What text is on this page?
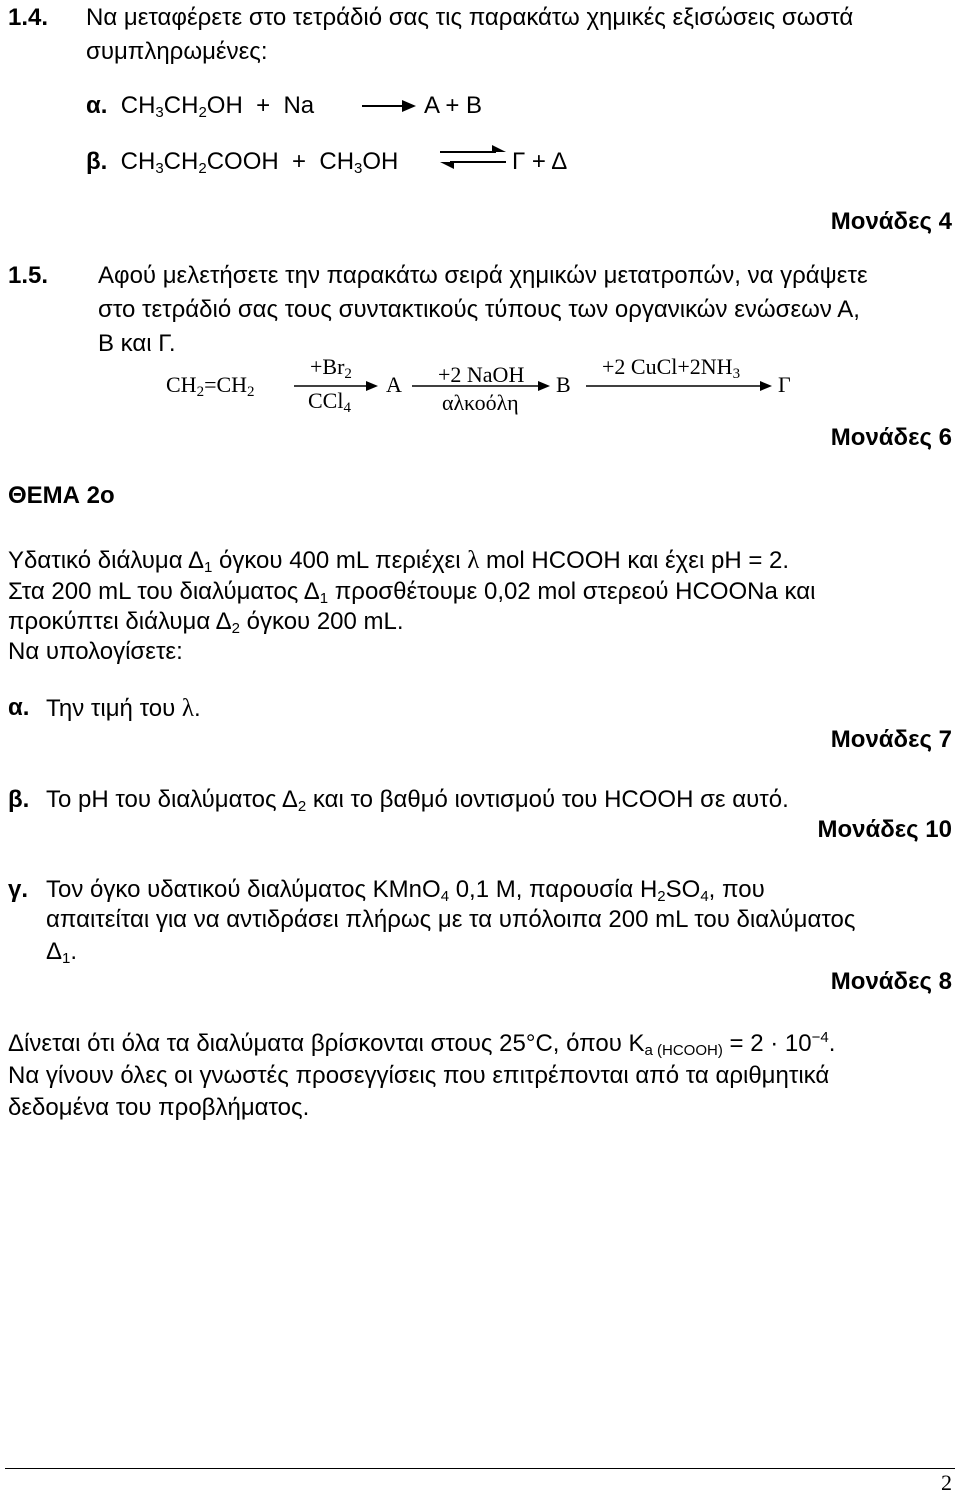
1.4. Να μεταφέρετε στο τετράδιό σας τις παρακάτω χημικές εξισώσεις σωστά
συμπληρωμένες:
α.  $CH_3CH_2OH + Na$	Α + Β
β.  $CH_3CH_2COOH + CH_3OH$ ⇌ Γ + Δ
Μονάδες 4
1.5. Αφού μελετήσετε την παρακάτω σειρά χημικών μετατροπών, να γράψετε
στο τετράδιό σας τους συντακτικούς τύπους των οργανικών ενώσεων Α,
Β και Γ.
$CH_2=CH_2$
$+Br_2$
CCl$_4$
Α +2 NaOH
αλκοόλη
Β
+2 $CuCl+2NH_3$ Γ
Μονάδες 6
ΘΕΜΑ 2ο
Υδατικό διάλυμα $\Delta_1$ όγκου 400 mL περιέχει λ mol HCOOH και έχει pH = 2.
Στα 200 mL του διαλύματος $\Delta_1$ προσθέτουμε 0,02 mol στερεού HCOONa και
προκύπτει διάλυμα $\Delta_2$ όγκου 200 mL.
Να υπολογίσετε:
α. Την τιμή του λ.
Μονάδες 7
β. Το pH του διαλύματος $\Delta_2$ και το βαθμό ιοντισμού του HCOOH σε αυτό.
Μονάδες 10
γ. Τον όγκο υδατικού διαλύματος KMnO$_4$ 0,1 M, παρουσία $H_2SO_4$, που
απαιτείται για να αντιδράσει πλήρως με τα υπόλοιπα 200 mL του διαλύματος
$\Delta_1$.
Μονάδες 8
Δίνεται ότι όλα τα διαλύματα βρίσκονται στους 25°C, όπου $K_{a (HCOOH)} = 2 \cdot 10^{-4}$.
Να γίνουν όλες οι γνωστές προσεγγίσεις που επιτρέπονται από τα αριθμητικά
δεδομένα του προβλήματος.
2
